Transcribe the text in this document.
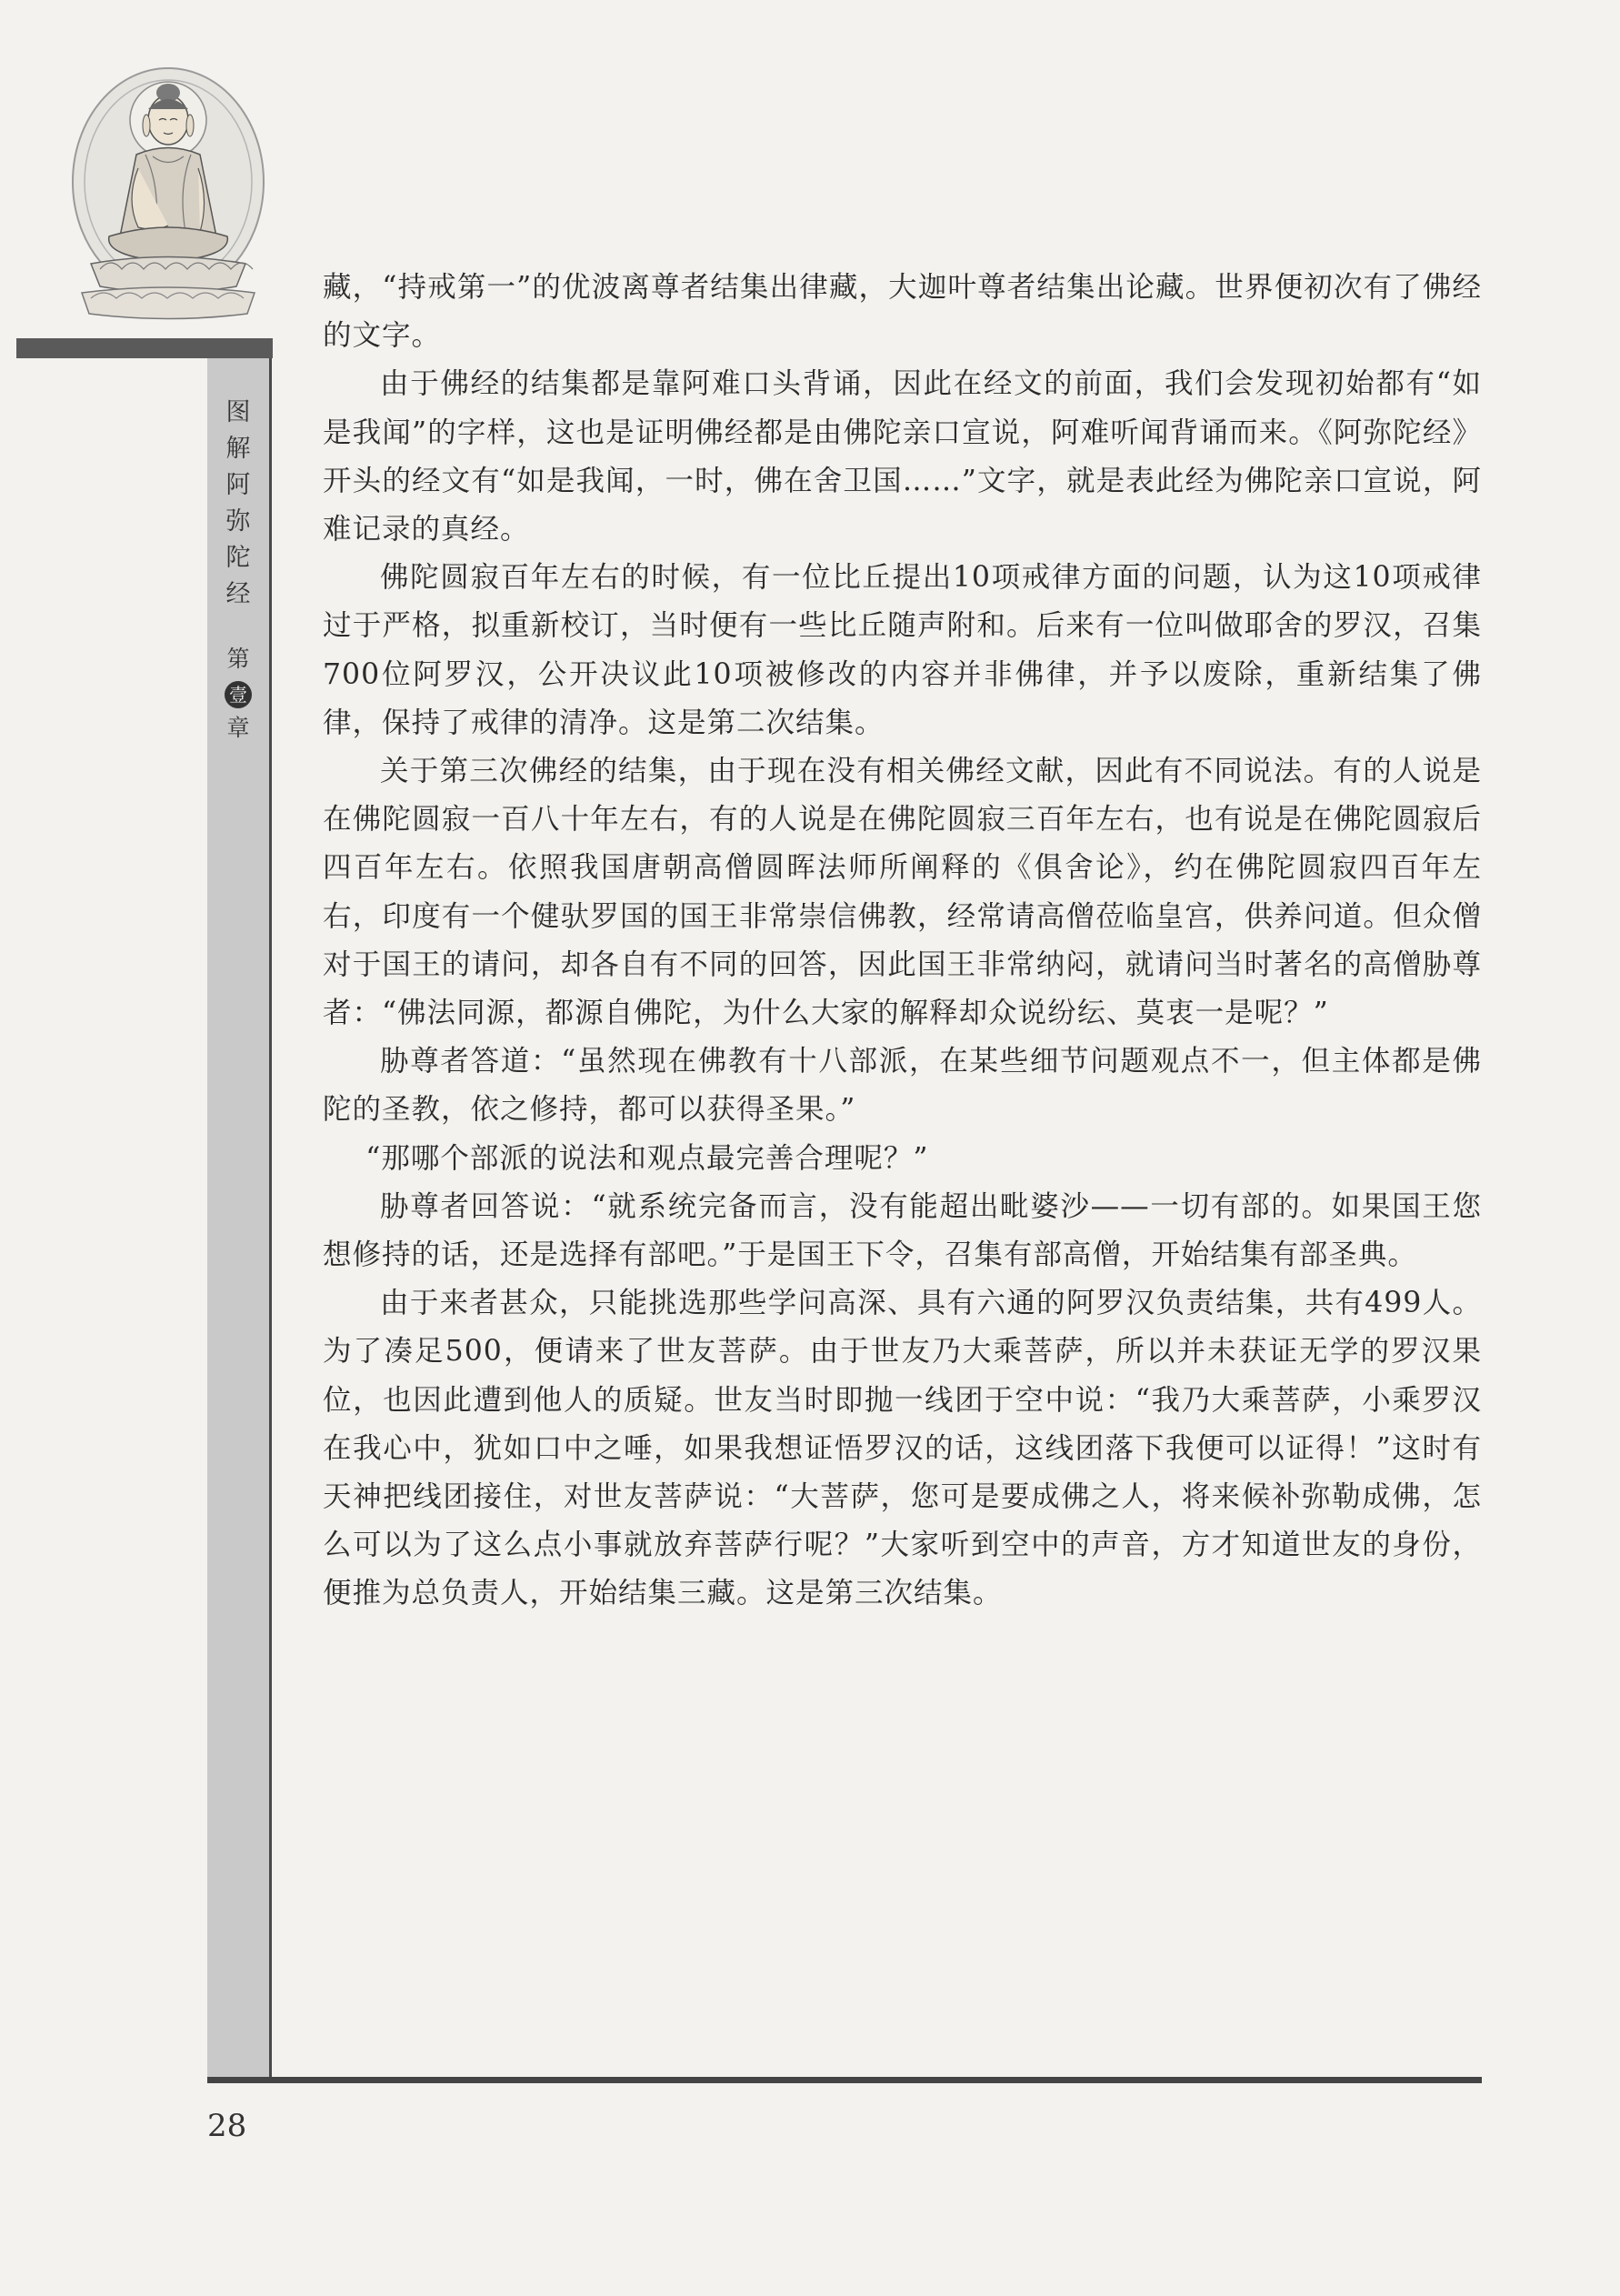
图
解
阿
弥
陀
经
第
壹
章

藏，“持戒第一”的优波离尊者结集出律藏，大迦叶尊者结集出论藏。世界便初次有了佛经的文字。

由于佛经的结集都是靠阿难口头背诵，因此在经文的前面，我们会发现初始都有“如是我闻”的字样，这也是证明佛经都是由佛陀亲口宣说，阿难听闻背诵而来。《阿弥陀经》开头的经文有“如是我闻，一时，佛在舍卫国……”文字，就是表此经为佛陀亲口宣说，阿难记录的真经。

佛陀圆寂百年左右的时候，有一位比丘提出10项戒律方面的问题，认为这10项戒律过于严格，拟重新校订，当时便有一些比丘随声附和。后来有一位叫做耶舍的罗汉，召集700位阿罗汉，公开决议此10项被修改的内容并非佛律，并予以废除，重新结集了佛律，保持了戒律的清净。这是第二次结集。

关于第三次佛经的结集，由于现在没有相关佛经文献，因此有不同说法。有的人说是在佛陀圆寂一百八十年左右，有的人说是在佛陀圆寂三百年左右，也有说是在佛陀圆寂后四百年左右。依照我国唐朝高僧圆晖法师所阐释的《俱舍论》，约在佛陀圆寂四百年左右，印度有一个健驮罗国的国王非常崇信佛教，经常请高僧莅临皇宫，供养问道。但众僧对于国王的请问，却各自有不同的回答，因此国王非常纳闷，就请问当时著名的高僧胁尊者：“佛法同源，都源自佛陀，为什么大家的解释却众说纷纭、莫衷一是呢？”

胁尊者答道：“虽然现在佛教有十八部派，在某些细节问题观点不一，但主体都是佛陀的圣教，依之修持，都可以获得圣果。”

“那哪个部派的说法和观点最完善合理呢？”

胁尊者回答说：“就系统完备而言，没有能超出毗婆沙——一切有部的。如果国王您想修持的话，还是选择有部吧。”于是国王下令，召集有部高僧，开始结集有部圣典。

由于来者甚众，只能挑选那些学问高深、具有六通的阿罗汉负责结集，共有499人。为了凑足500，便请来了世友菩萨。由于世友乃大乘菩萨，所以并未获证无学的罗汉果位，也因此遭到他人的质疑。世友当时即抛一线团于空中说：“我乃大乘菩萨，小乘罗汉在我心中，犹如口中之唾，如果我想证悟罗汉的话，这线团落下我便可以证得！”这时有天神把线团接住，对世友菩萨说：“大菩萨，您可是要成佛之人，将来候补弥勒成佛，怎么可以为了这么点小事就放弃菩萨行呢？”大家听到空中的声音，方才知道世友的身份，便推为总负责人，开始结集三藏。这是第三次结集。

28
